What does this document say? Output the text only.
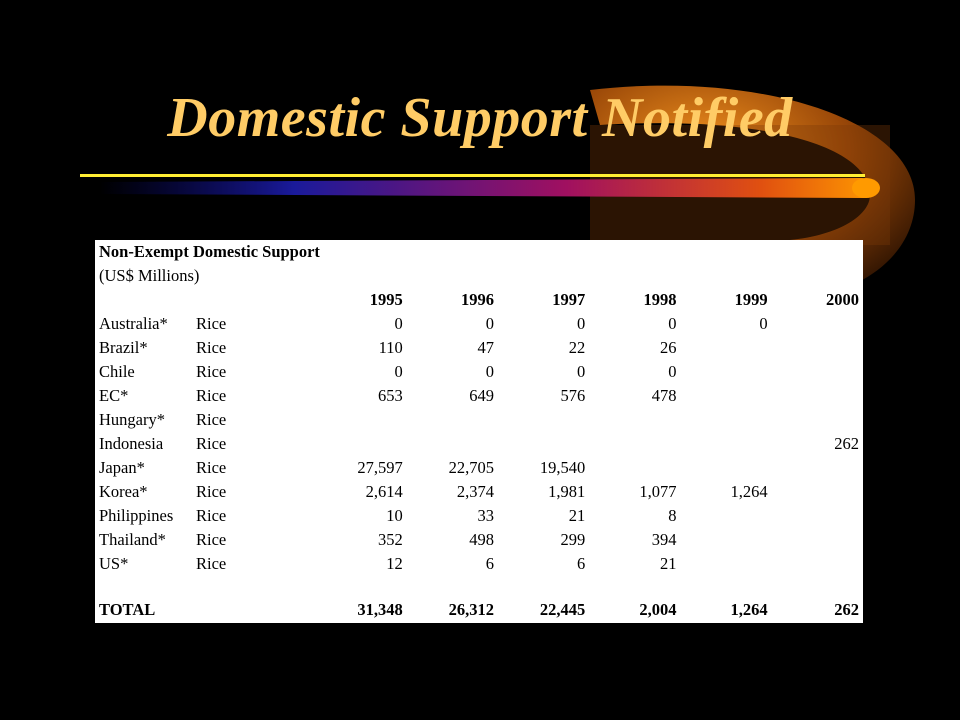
Domestic Support Notified
Non-Exempt Domestic Support							
(US$ Millions)							
		1995	1996	1997	1998	1999	2000
Australia*	Rice	0	0	0	0	0	
Brazil*	Rice	110	47	22	26		
Chile	Rice	0	0	0	0		
EC*	Rice	653	649	576	478		
Hungary*	Rice						
Indonesia	Rice						262
Japan*	Rice	27,597	22,705	19,540			
Korea*	Rice	2,614	2,374	1,981	1,077	1,264	
Philippines	Rice	10	33	21	8		
Thailand*	Rice	352	498	299	394		
US*	Rice	12	6	6	21		

TOTAL		31,348	26,312	22,445	2,004	1,264	262
